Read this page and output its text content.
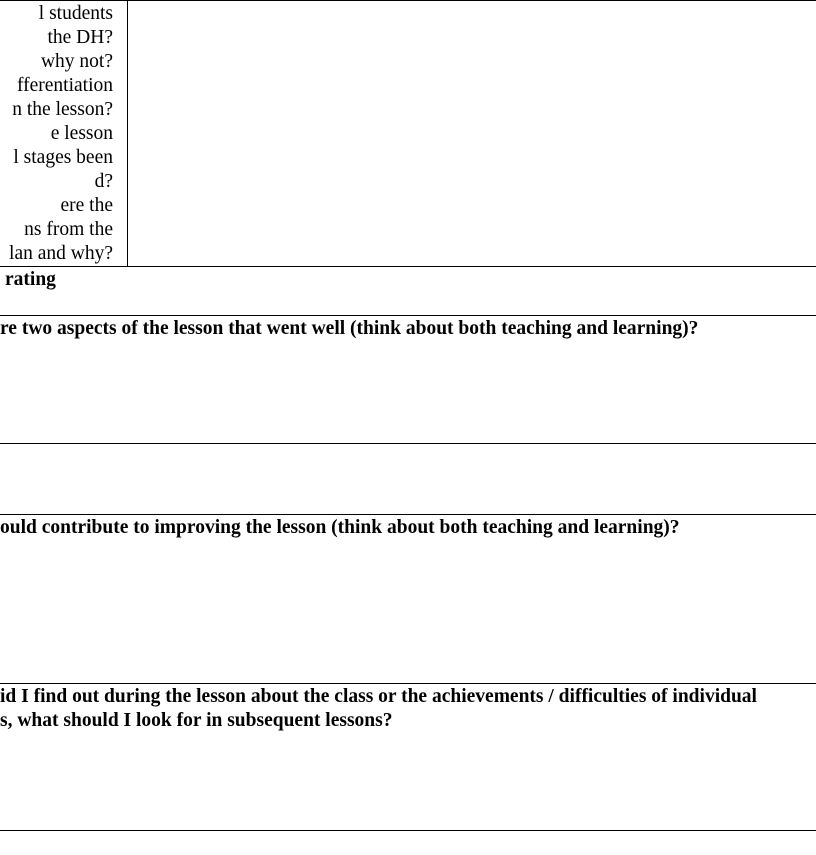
l students
the DH?
why not?
fferentiation
n the lesson?
e lesson
l stages been
d?
ere the
ns from the
lan and why?
rating
re two aspects of the lesson that went well (think about both teaching and learning)?
ould contribute to improving the lesson (think about both teaching and learning)?
id I find out during the lesson about the class or the achievements / difficulties of individual
s, what should I look for in subsequent lessons?
